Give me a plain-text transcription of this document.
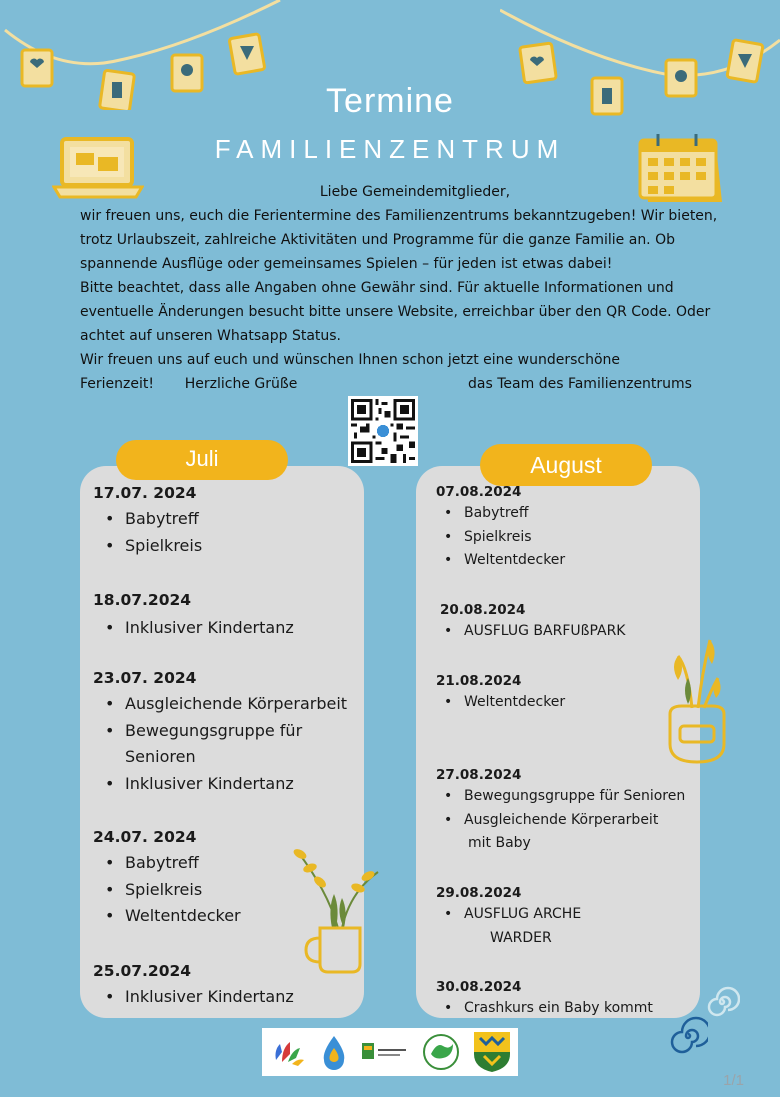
Termine
FAMILIENZENTRUM

Liebe Gemeindemitglieder,

wir freuen uns, euch die Ferientermine des Familienzentrums bekanntzugeben! Wir bieten, trotz Urlaubszeit, zahlreiche Aktivitäten und Programme für die ganze Familie an. Ob spannende Ausflüge oder gemeinsames Spielen – für jeden ist etwas dabei!

Bitte beachtet, dass alle Angaben ohne Gewähr sind. Für aktuelle Informationen und eventuelle Änderungen besucht bitte unsere Website, erreichbar über den QR Code. Oder achtet auf unseren Whatsapp Status.

Wir freuen uns auf euch und wünschen Ihnen schon jetzt eine wunderschöne

Ferienzeit! Herzliche Grüße	das Team des Familienzentrums
Juli
17.07. 2024
• Babytreff
• Spielkreis
18.07.2024
• Inklusiver Kindertanz
23.07. 2024
• Ausgleichende Körperarbeit
• Bewegungsgruppe für
Senioren
• Inklusiver Kindertanz
24.07. 2024
• Babytreff
• Spielkreis
• Weltentdecker
25.07.2024
• Inklusiver Kindertanz
August
07.08.2024
• Babytreff
• Spielkreis
• Weltentdecker
20.08.2024
• AUSFLUG BARFUßPARK
21.08.2024
• Weltentdecker
27.08.2024
• Bewegungsgruppe für Senioren
• Ausgleichende Körperarbeit
mit Baby
29.08.2024
• AUSFLUG ARCHE
WARDER
30.08.2024
• Crashkurs ein Baby kommt
1/1
